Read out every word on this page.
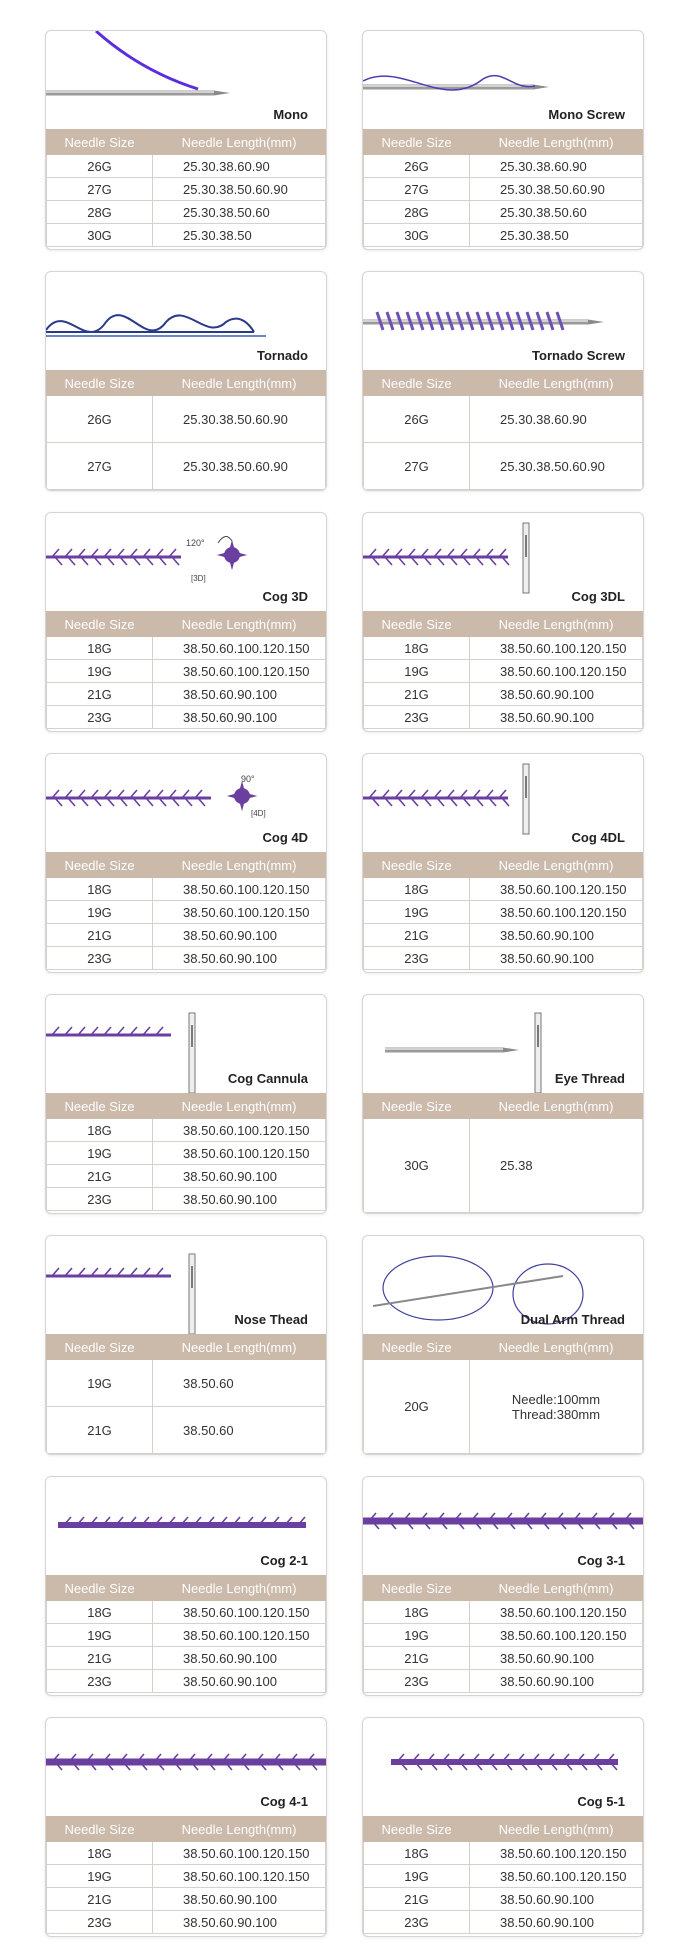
Mono
Needle Size	Needle Length(mm)
26G	25.30.38.60.90
27G	25.30.38.50.60.90
28G	25.30.38.50.60
30G	25.30.38.50
Mono Screw
Needle Size	Needle Length(mm)
26G	25.30.38.60.90
27G	25.30.38.50.60.90
28G	25.30.38.50.60
30G	25.30.38.50
Tornado
Needle Size	Needle Length(mm)
26G	25.30.38.50.60.90
27G	25.30.38.50.60.90
Tornado Screw
Needle Size	Needle Length(mm)
26G	25.30.38.60.90
27G	25.30.38.50.60.90
120°
[3D]
Cog 3D
Needle Size	Needle Length(mm)
18G	38.50.60.100.120.150
19G	38.50.60.100.120.150
21G	38.50.60.90.100
23G	38.50.60.90.100
Cog 3DL
Needle Size	Needle Length(mm)
18G	38.50.60.100.120.150
19G	38.50.60.100.120.150
21G	38.50.60.90.100
23G	38.50.60.90.100
90°
[4D]
Cog 4D
Needle Size	Needle Length(mm)
18G	38.50.60.100.120.150
19G	38.50.60.100.120.150
21G	38.50.60.90.100
23G	38.50.60.90.100
Cog 4DL
Needle Size	Needle Length(mm)
18G	38.50.60.100.120.150
19G	38.50.60.100.120.150
21G	38.50.60.90.100
23G	38.50.60.90.100
Cog Cannula
Needle Size	Needle Length(mm)
18G	38.50.60.100.120.150
19G	38.50.60.100.120.150
21G	38.50.60.90.100
23G	38.50.60.90.100
Eye Thread
Needle Size	Needle Length(mm)
30G	25.38
Nose Thead
Needle Size	Needle Length(mm)
19G	38.50.60
21G	38.50.60
Dual Arm Thread
Needle Size	Needle Length(mm)
20G	Needle:100mm
Thread:380mm
Cog 2-1
Needle Size	Needle Length(mm)
18G	38.50.60.100.120.150
19G	38.50.60.100.120.150
21G	38.50.60.90.100
23G	38.50.60.90.100
Cog 3-1
Needle Size	Needle Length(mm)
18G	38.50.60.100.120.150
19G	38.50.60.100.120.150
21G	38.50.60.90.100
23G	38.50.60.90.100
Cog 4-1
Needle Size	Needle Length(mm)
18G	38.50.60.100.120.150
19G	38.50.60.100.120.150
21G	38.50.60.90.100
23G	38.50.60.90.100
Cog 5-1
Needle Size	Needle Length(mm)
18G	38.50.60.100.120.150
19G	38.50.60.100.120.150
21G	38.50.60.90.100
23G	38.50.60.90.100
